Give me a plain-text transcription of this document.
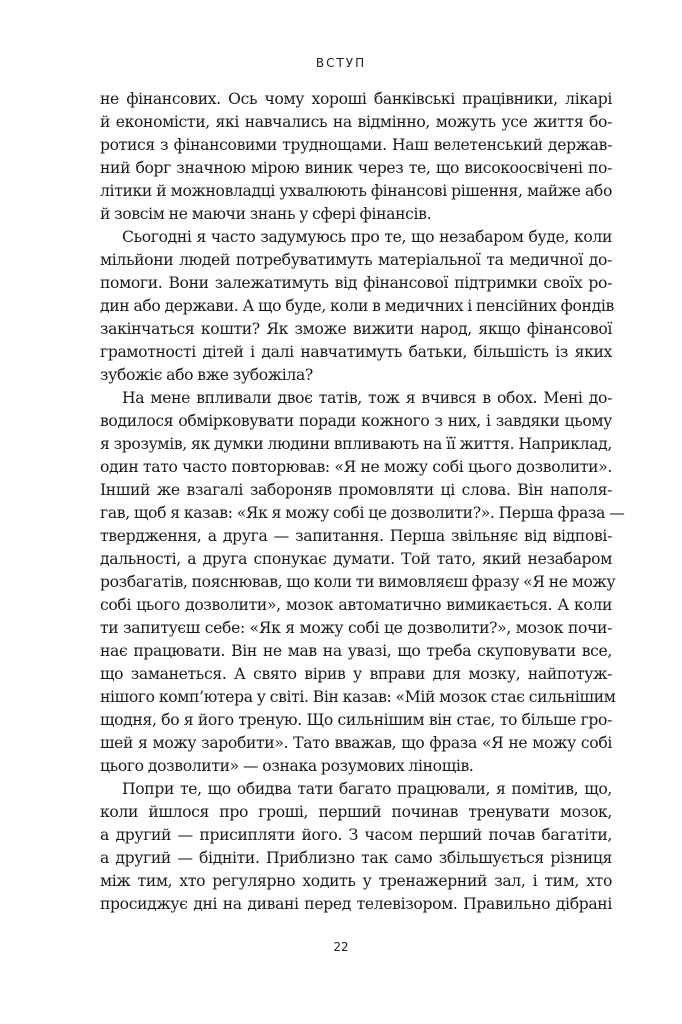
ВСТУП
не фінансових. Ось чому хороші банківські працівники, лікарі
й економісти, які навчались на відмінно, можуть усе життя бо-
ротися з фінансовими труднощами. Наш велетенський держав-
ний борг значною мірою виник через те, що високоосвічені по-
літики й можновладці ухвалюють фінансові рішення, майже або
й зовсім не маючи знань у сфері фінансів.
Сьогодні я часто задумуюсь про те, що незабаром буде, коли
мільйони людей потребуватимуть матеріальної та медичної до-
помоги. Вони залежатимуть від фінансової підтримки своїх ро-
дин або держави. А що буде, коли в медичних і пенсійних фондів
закінчаться кошти? Як зможе вижити народ, якщо фінансової
грамотності дітей і далі навчатимуть батьки, більшість із яких
зубожіє або вже зубожіла?
На мене впливали двоє татів, тож я вчився в обох. Мені до-
водилося обмірковувати поради кожного з них, і завдяки цьому
я зрозумів, як думки людини впливають на її життя. Наприклад,
один тато часто повторював: «Я не можу собі цього дозволити».
Інший же взагалі забороняв промовляти ці слова. Він наполя-
гав, щоб я казав: «Як я можу собі це дозволити?». Перша фраза —
твердження, а друга — запитання. Перша звільняє від відпові-
дальності, а друга спонукає думати. Той тато, який незабаром
розбагатів, пояснював, що коли ти вимовляєш фразу «Я не можу
собі цього дозволити», мозок автоматично вимикається. А коли
ти запитуєш себе: «Як я можу собі це дозволити?», мозок почи-
нає працювати. Він не мав на увазі, що треба скуповувати все,
що заманеться. А свято вірив у вправи для мозку, найпотуж-
нішого комп’ютера у світі. Він казав: «Мій мозок стає сильнішим
щодня, бо я його треную. Що сильнішим він стає, то більше гро-
шей я можу заробити». Тато вважав, що фраза «Я не можу собі
цього дозволити» — ознака розумових лінощів.
Попри те, що обидва тати багато працювали, я помітив, що,
коли йшлося про гроші, перший починав тренувати мозок,
а другий — присипляти його. З часом перший почав багатіти,
а другий — бідніти. Приблизно так само збільшується різниця
між тим, хто регулярно ходить у тренажерний зал, і тим, хто
просиджує дні на дивані перед телевізором. Правильно дібрані
22
